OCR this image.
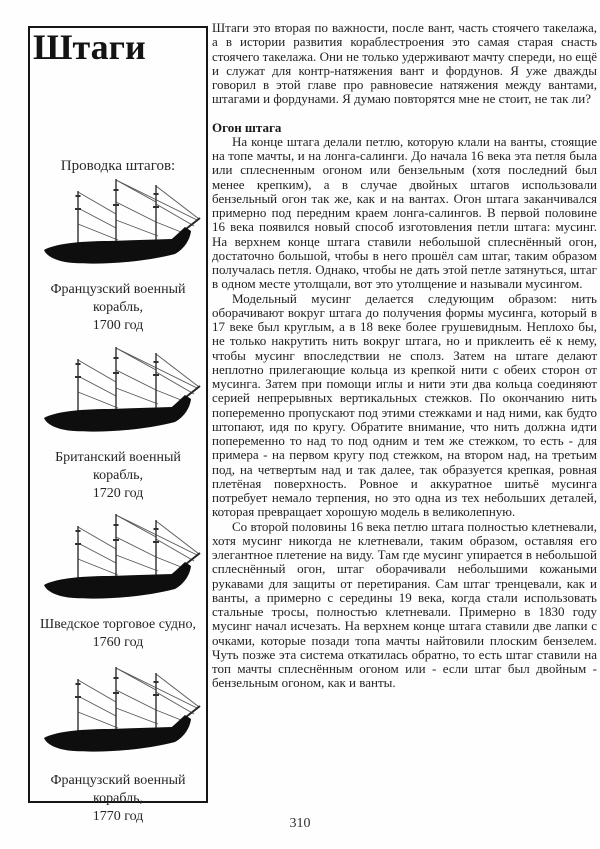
Штаги
Проводка штагов:
Французский военный корабль,
1700 год
Британский военный корабль,
1720 год
Шведское торговое судно,
1760 год
Французский военный корабль,
1770 год

Штаги это вторая по важности, после вант, часть стоячего такелажа, а в истории развития кораблестроения это самая старая снасть стоячего такелажа. Они не только удерживают мачту спереди, но ещё и служат для контр-натяжения вант и фордунов. Я уже дважды говорил в этой главе про равновесие натяжения между вантами, штагами и фордунами. Я думаю повторятся мне не стоит, не так ли?

Огон штага

На конце штага делали петлю, которую клали на ванты, стоящие на топе мачты, и на лонга-салинги. До начала 16 века эта петля была или сплесненным огоном или бензельным (хотя последний был менее крепким), а в случае двойных штагов использовали бензельный огон так же, как и на вантах. Огон штага заканчивался примерно под передним краем лонга-салингов. В первой половине 16 века появился новый способ изготовления петли штага: мусинг. На верхнем конце штага ставили небольшой сплеснённый огон, достаточно большой, чтобы в него прошёл сам штаг, таким образом получалась петля. Однако, чтобы не дать этой петле затянуться, штаг в одном месте утолщали, вот это утолщение и называли мусингом.

Модельный мусинг делается следующим образом: нить оборачивают вокруг штага до получения формы мусинга, который в 17 веке был круглым, а в 18 веке более грушевидным. Неплохо бы, не только накрутить нить вокруг штага, но и приклеить её к нему, чтобы мусинг впоследствии не сполз. Затем на штаге делают неплотно прилегающие кольца из крепкой нити с обеих сторон от мусинга. Затем при помощи иглы и нити эти два кольца соединяют серией непрерывных вертикальных стежков. По окончанию нить попеременно пропускают под этими стежками и над ними, как будто штопают, идя по кругу. Обратите внимание, что нить должна идти попеременно то над то под одним и тем же стежком, то есть - для примера - на первом кругу под стежком, на втором над, на третьим под, на четвертым над и так далее, так образуется крепкая, ровная плетёная поверхность. Ровное и аккуратное шитьё мусинга потребует немало терпения, но это одна из тех небольших деталей, которая превращает хорошую модель в великолепную.

Со второй половины 16 века петлю штага полностью клетневали, хотя мусинг никогда не клетневали, таким образом, оставляя его элегантное плетение на виду. Там где мусинг упирается в небольшой сплеснённый огон, штаг оборачивали небольшими кожаными рукавами для защиты от перетирания. Сам штаг тренцевали, как и ванты, а примерно с середины 19 века, когда стали использовать стальные тросы, полностью клетневали. Примерно в 1830 году мусинг начал исчезать. На верхнем конце штага ставили две лапки с очками, которые позади топа мачты найтовили плоским бензелем. Чуть позже эта система откатилась обратно, то есть штаг ставили на топ мачты сплеснённым огоном или - если штаг был двойным - бензельным огоном, как и ванты.

310
